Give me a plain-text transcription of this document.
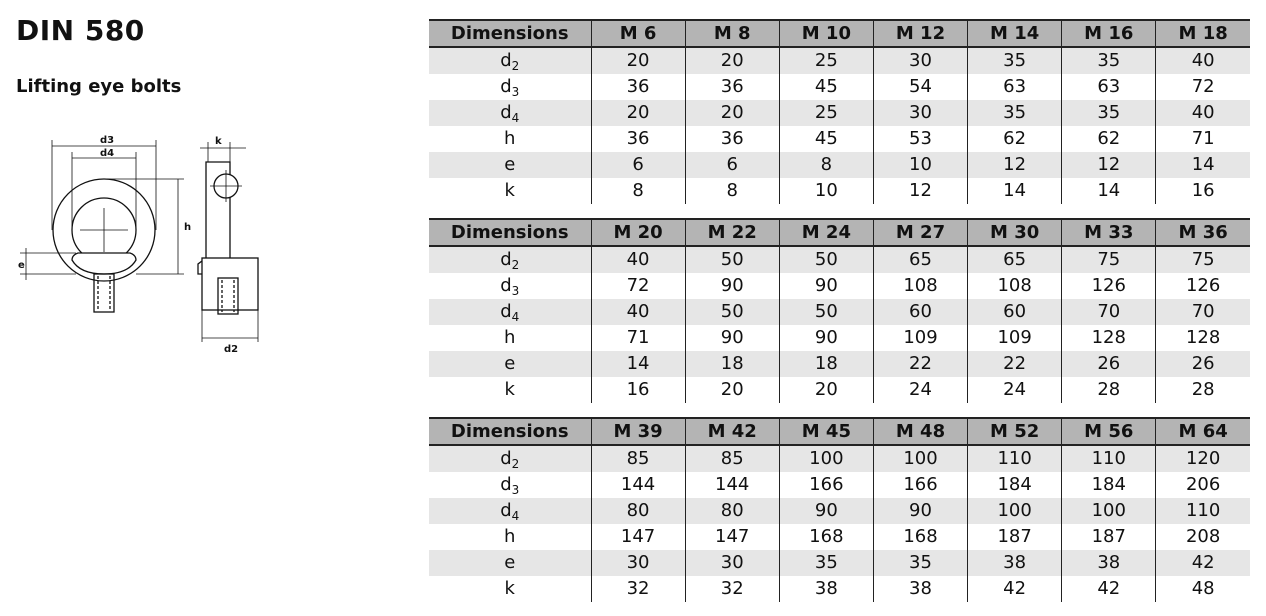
DIN 580
Lifting eye bolts
d3
d4
h
e
k
d2
Dimensions	M 6	M 8	M 10	M 12	M 14	M 16	M 18
$d_2$	20	20	25	30	35	35	40
$d_3$	36	36	45	54	63	63	72
$d_4$	20	20	25	30	35	35	40
h	36	36	45	53	62	62	71
e	6	6	8	10	12	12	14
k	8	8	10	12	14	14	16
Dimensions	M 20	M 22	M 24	M 27	M 30	M 33	M 36
$d_2$	40	50	50	65	65	75	75
$d_3$	72	90	90	108	108	126	126
$d_4$	40	50	50	60	60	70	70
h	71	90	90	109	109	128	128
e	14	18	18	22	22	26	26
k	16	20	20	24	24	28	28
Dimensions	M 39	M 42	M 45	M 48	M 52	M 56	M 64
$d_2$	85	85	100	100	110	110	120
$d_3$	144	144	166	166	184	184	206
$d_4$	80	80	90	90	100	100	110
h	147	147	168	168	187	187	208
e	30	30	35	35	38	38	42
k	32	32	38	38	42	42	48
